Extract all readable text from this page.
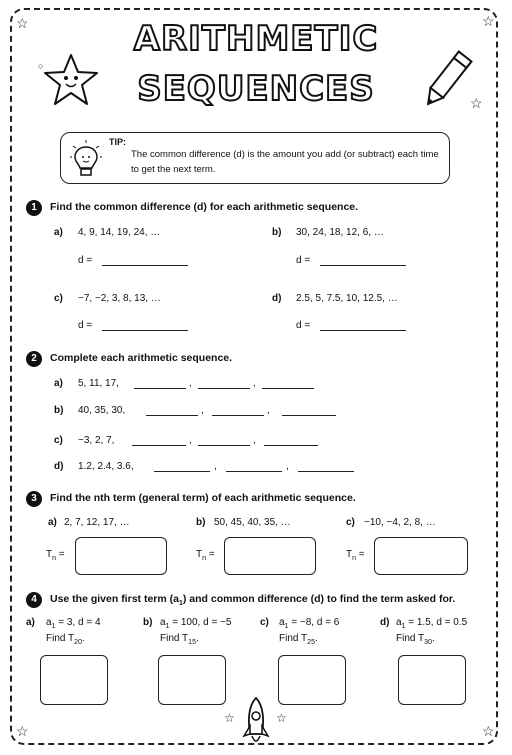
☆	☆
☆
☆	☆
○
☆	☆
ARITHMETIC
SEQUENCES
TIP:
The common difference (d) is the amount you add (or subtract) each time to get the next term.
1	Find the common difference (d) for each arithmetic sequence.
a) 4, 9, 14, 19, 24, …
d =
b) 30, 24, 18, 12, 6, …
d =
c) −7, −2, 3, 8, 13, …
d =
d) 2.5, 5, 7.5, 10, 12.5, …
d =
2	Complete each arithmetic sequence.
a) 5, 11, 17,	,	,
b) 40, 35, 30,	,	,
c) −3, 2, 7,	,	,
d) 1.2, 2.4, 3.6,	,	,
3	Find the nth term (general term) of each arithmetic sequence.
a) 2, 7, 12, 17, …
$T_n$ =
b) 50, 45, 40, 35, …
$T_n$ =
c) −10, −4, 2, 8, …
$T_n$ =
4	Use the given first term $(a_1)$ and common difference (d) to find the term asked for.
a) $a_1 = 3$, d = 4
Find $T_{20}$.
b) $a_1 = 100$, d = −5
Find $T_{15}$.
c) $a_1 = -8$, d = 6
Find $T_{25}$.
d) $a_1 = 1.5$, d = 0.5
Find $T_{30}$.
